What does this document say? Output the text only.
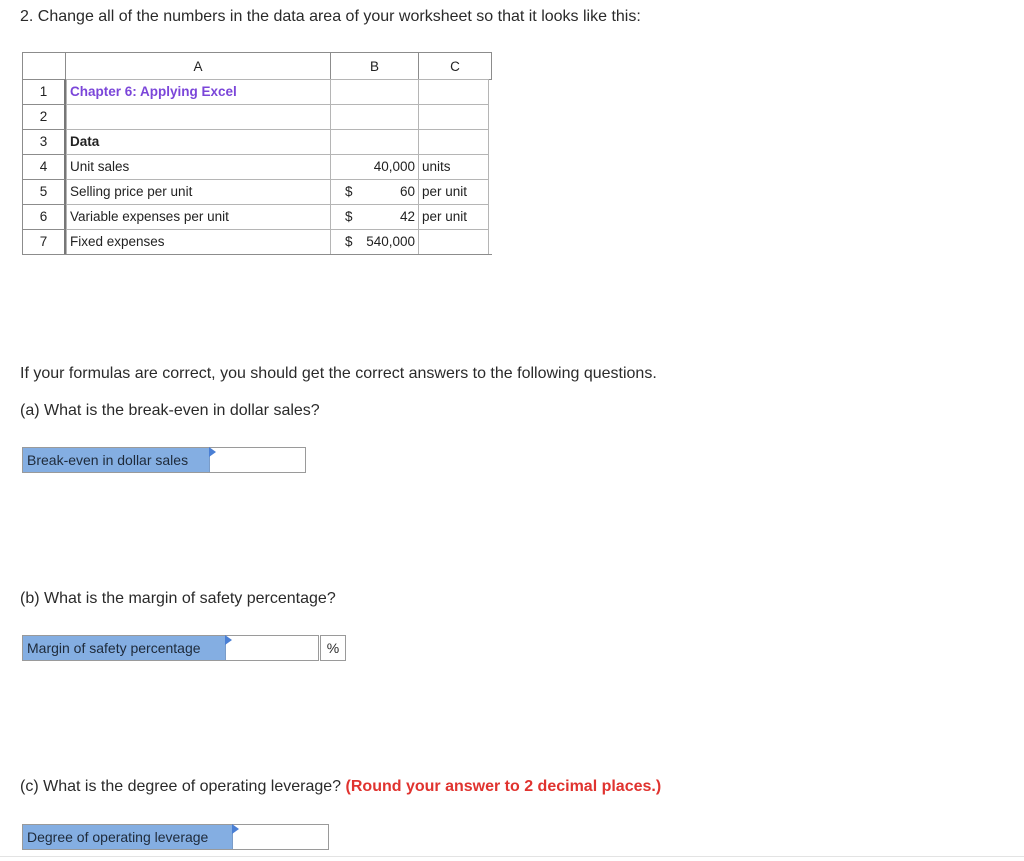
2. Change all of the numbers in the data area of your worksheet so that it looks like this:
A	B	C
1	Chapter 6: Applying Excel
2
3	Data
4	Unit sales	40,000 units
5	Selling price per unit	$	60 per unit
6	Variable expenses per unit	$	42 per unit
7	Fixed expenses	$ 540,000
If your formulas are correct, you should get the correct answers to the following questions.
(a) What is the break-even in dollar sales?
Break-even in dollar sales
(b) What is the margin of safety percentage?
Margin of safety percentage	%
(c) What is the degree of operating leverage? (Round your answer to 2 decimal places.)
Degree of operating leverage
